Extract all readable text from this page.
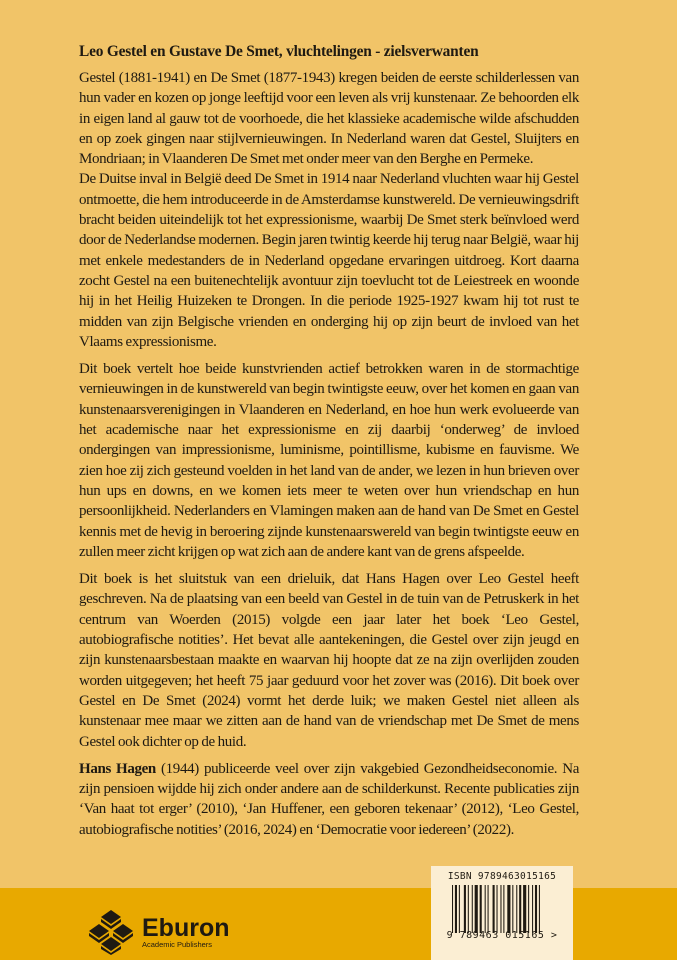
Leo Gestel en Gustave De Smet, vluchtelingen - zielsverwanten

Gestel (1881-1941) en De Smet (1877-1943) kregen beiden de eerste schilderlessen van hun vader en kozen op jonge leeftijd voor een leven als vrij kunstenaar. Ze behoorden elk in eigen land al gauw tot de voorhoede, die het klassieke academische wilde afschudden en op zoek gingen naar stijlvernieuwingen. In Nederland waren dat Gestel, Sluijters en Mondriaan; in Vlaanderen De Smet met onder meer van den Berghe en Permeke.

De Duitse inval in België deed De Smet in 1914 naar Nederland vluchten waar hij Gestel ontmoette, die hem introduceerde in de Amsterdamse kunstwereld. De vernieuwingsdrift bracht beiden uiteindelijk tot het expressionisme, waarbij De Smet sterk beïnvloed werd door de Nederlandse modernen. Begin jaren twintig keerde hij terug naar België, waar hij met enkele medestanders de in Nederland opgedane ervaringen uitdroeg. Kort daarna zocht Gestel na een buitenechtelijk avontuur zijn toevlucht tot de Leiestreek en woonde hij in het Heilig Huizeken te Drongen. In die periode 1925-1927 kwam hij tot rust te midden van zijn Belgische vrienden en onderging hij op zijn beurt de invloed van het Vlaams expressionisme.

Dit boek vertelt hoe beide kunstvrienden actief betrokken waren in de stormachtige vernieuwingen in de kunstwereld van begin twintigste eeuw, over het komen en gaan van kunstenaarsverenigingen in Vlaanderen en Nederland, en hoe hun werk evolueerde van het academische naar het expressionisme en zij daarbij ‘onderweg’ de invloed ondergingen van impressionisme, luminisme, pointillisme, kubisme en fauvisme. We zien hoe zij zich gesteund voelden in het land van de ander, we lezen in hun brieven over hun ups en downs, en we komen iets meer te weten over hun vriendschap en hun persoonlijkheid. Nederlanders en Vlamingen maken aan de hand van De Smet en Gestel kennis met de hevig in beroering zijnde kunstenaarswereld van begin twintigste eeuw en zullen meer zicht krijgen op wat zich aan de andere kant van de grens afspeelde.

Dit boek is het sluitstuk van een drieluik, dat Hans Hagen over Leo Gestel heeft geschreven. Na de plaatsing van een beeld van Gestel in de tuin van de Petruskerk in het centrum van Woerden (2015) volgde een jaar later het boek ‘Leo Gestel, autobiografische notities’. Het bevat alle aantekeningen, die Gestel over zijn jeugd en zijn kunstenaarsbestaan maakte en waarvan hij hoopte dat ze na zijn overlijden zouden worden uitgegeven; het heeft 75 jaar geduurd voor het zover was (2016). Dit boek over Gestel en De Smet (2024) vormt het derde luik; we maken Gestel niet alleen als kunstenaar mee maar we zitten aan de hand van de vriendschap met De Smet de mens Gestel ook dichter op de huid.

Hans Hagen (1944) publiceerde veel over zijn vakgebied Gezondheidseconomie. Na zijn pensioen wijdde hij zich onder andere aan de schilderkunst. Recente publicaties zijn ‘Van haat tot erger’ (2010), ‘Jan Huffener, een geboren tekenaar’ (2012), ‘Leo Gestel, autobiografische notities’ (2016, 2024) en ‘Democratie voor iedereen’ (2022).

Eburon
Academic Publishers
ISBN 9789463015165
9 789463 015165 >
